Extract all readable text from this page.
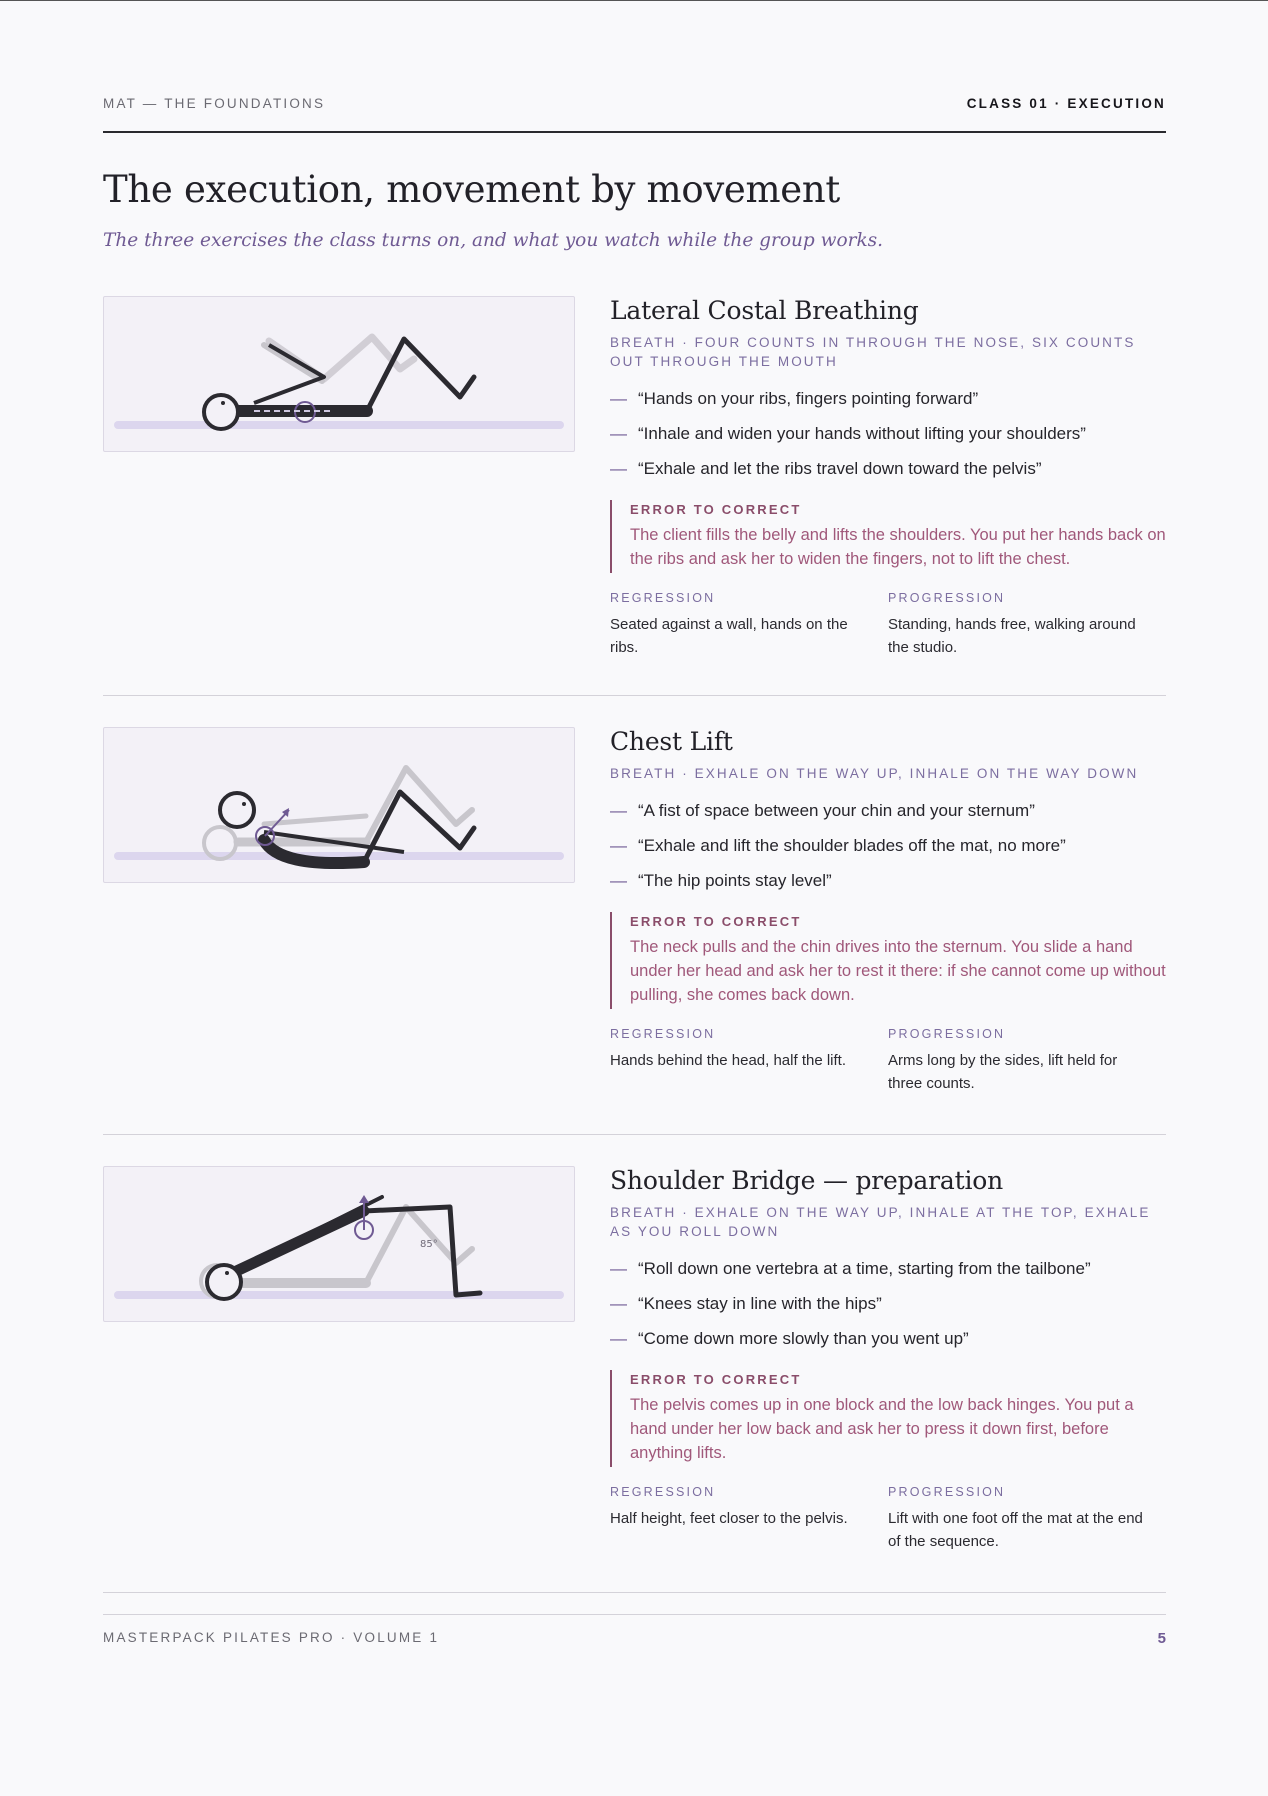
MAT — THE FOUNDATIONS	CLASS 01 · EXECUTION
The execution, movement by movement

The three exercises the class turns on, and what you watch while the group works.

Lateral Costal Breathing
BREATH · FOUR COUNTS IN THROUGH THE NOSE, SIX COUNTS OUT THROUGH THE MOUTH
— “Hands on your ribs, fingers pointing forward”
— “Inhale and widen your hands without lifting your shoulders”
— “Exhale and let the ribs travel down toward the pelvis”
ERROR TO CORRECT
The client fills the belly and lifts the shoulders. You put her hands back on the ribs and ask her to widen the fingers, not to lift the chest.
REGRESSION
Seated against a wall, hands on the ribs.
PROGRESSION
Standing, hands free, walking around the studio.
Chest Lift
BREATH · EXHALE ON THE WAY UP, INHALE ON THE WAY DOWN
— “A fist of space between your chin and your sternum”
— “Exhale and lift the shoulder blades off the mat, no more”
— “The hip points stay level”
ERROR TO CORRECT
The neck pulls and the chin drives into the sternum. You slide a hand under her head and ask her to rest it there: if she cannot come up without pulling, she comes back down.
REGRESSION
Hands behind the head, half the lift.
PROGRESSION
Arms long by the sides, lift held for three counts.
85°
Shoulder Bridge — preparation
BREATH · EXHALE ON THE WAY UP, INHALE AT THE TOP, EXHALE AS YOU ROLL DOWN
— “Roll down one vertebra at a time, starting from the tailbone”
— “Knees stay in line with the hips”
— “Come down more slowly than you went up”
ERROR TO CORRECT
The pelvis comes up in one block and the low back hinges. You put a hand under her low back and ask her to press it down first, before anything lifts.
REGRESSION
Half height, feet closer to the pelvis.
PROGRESSION
Lift with one foot off the mat at the end of the sequence.
MASTERPACK PILATES PRO · VOLUME 1	5
